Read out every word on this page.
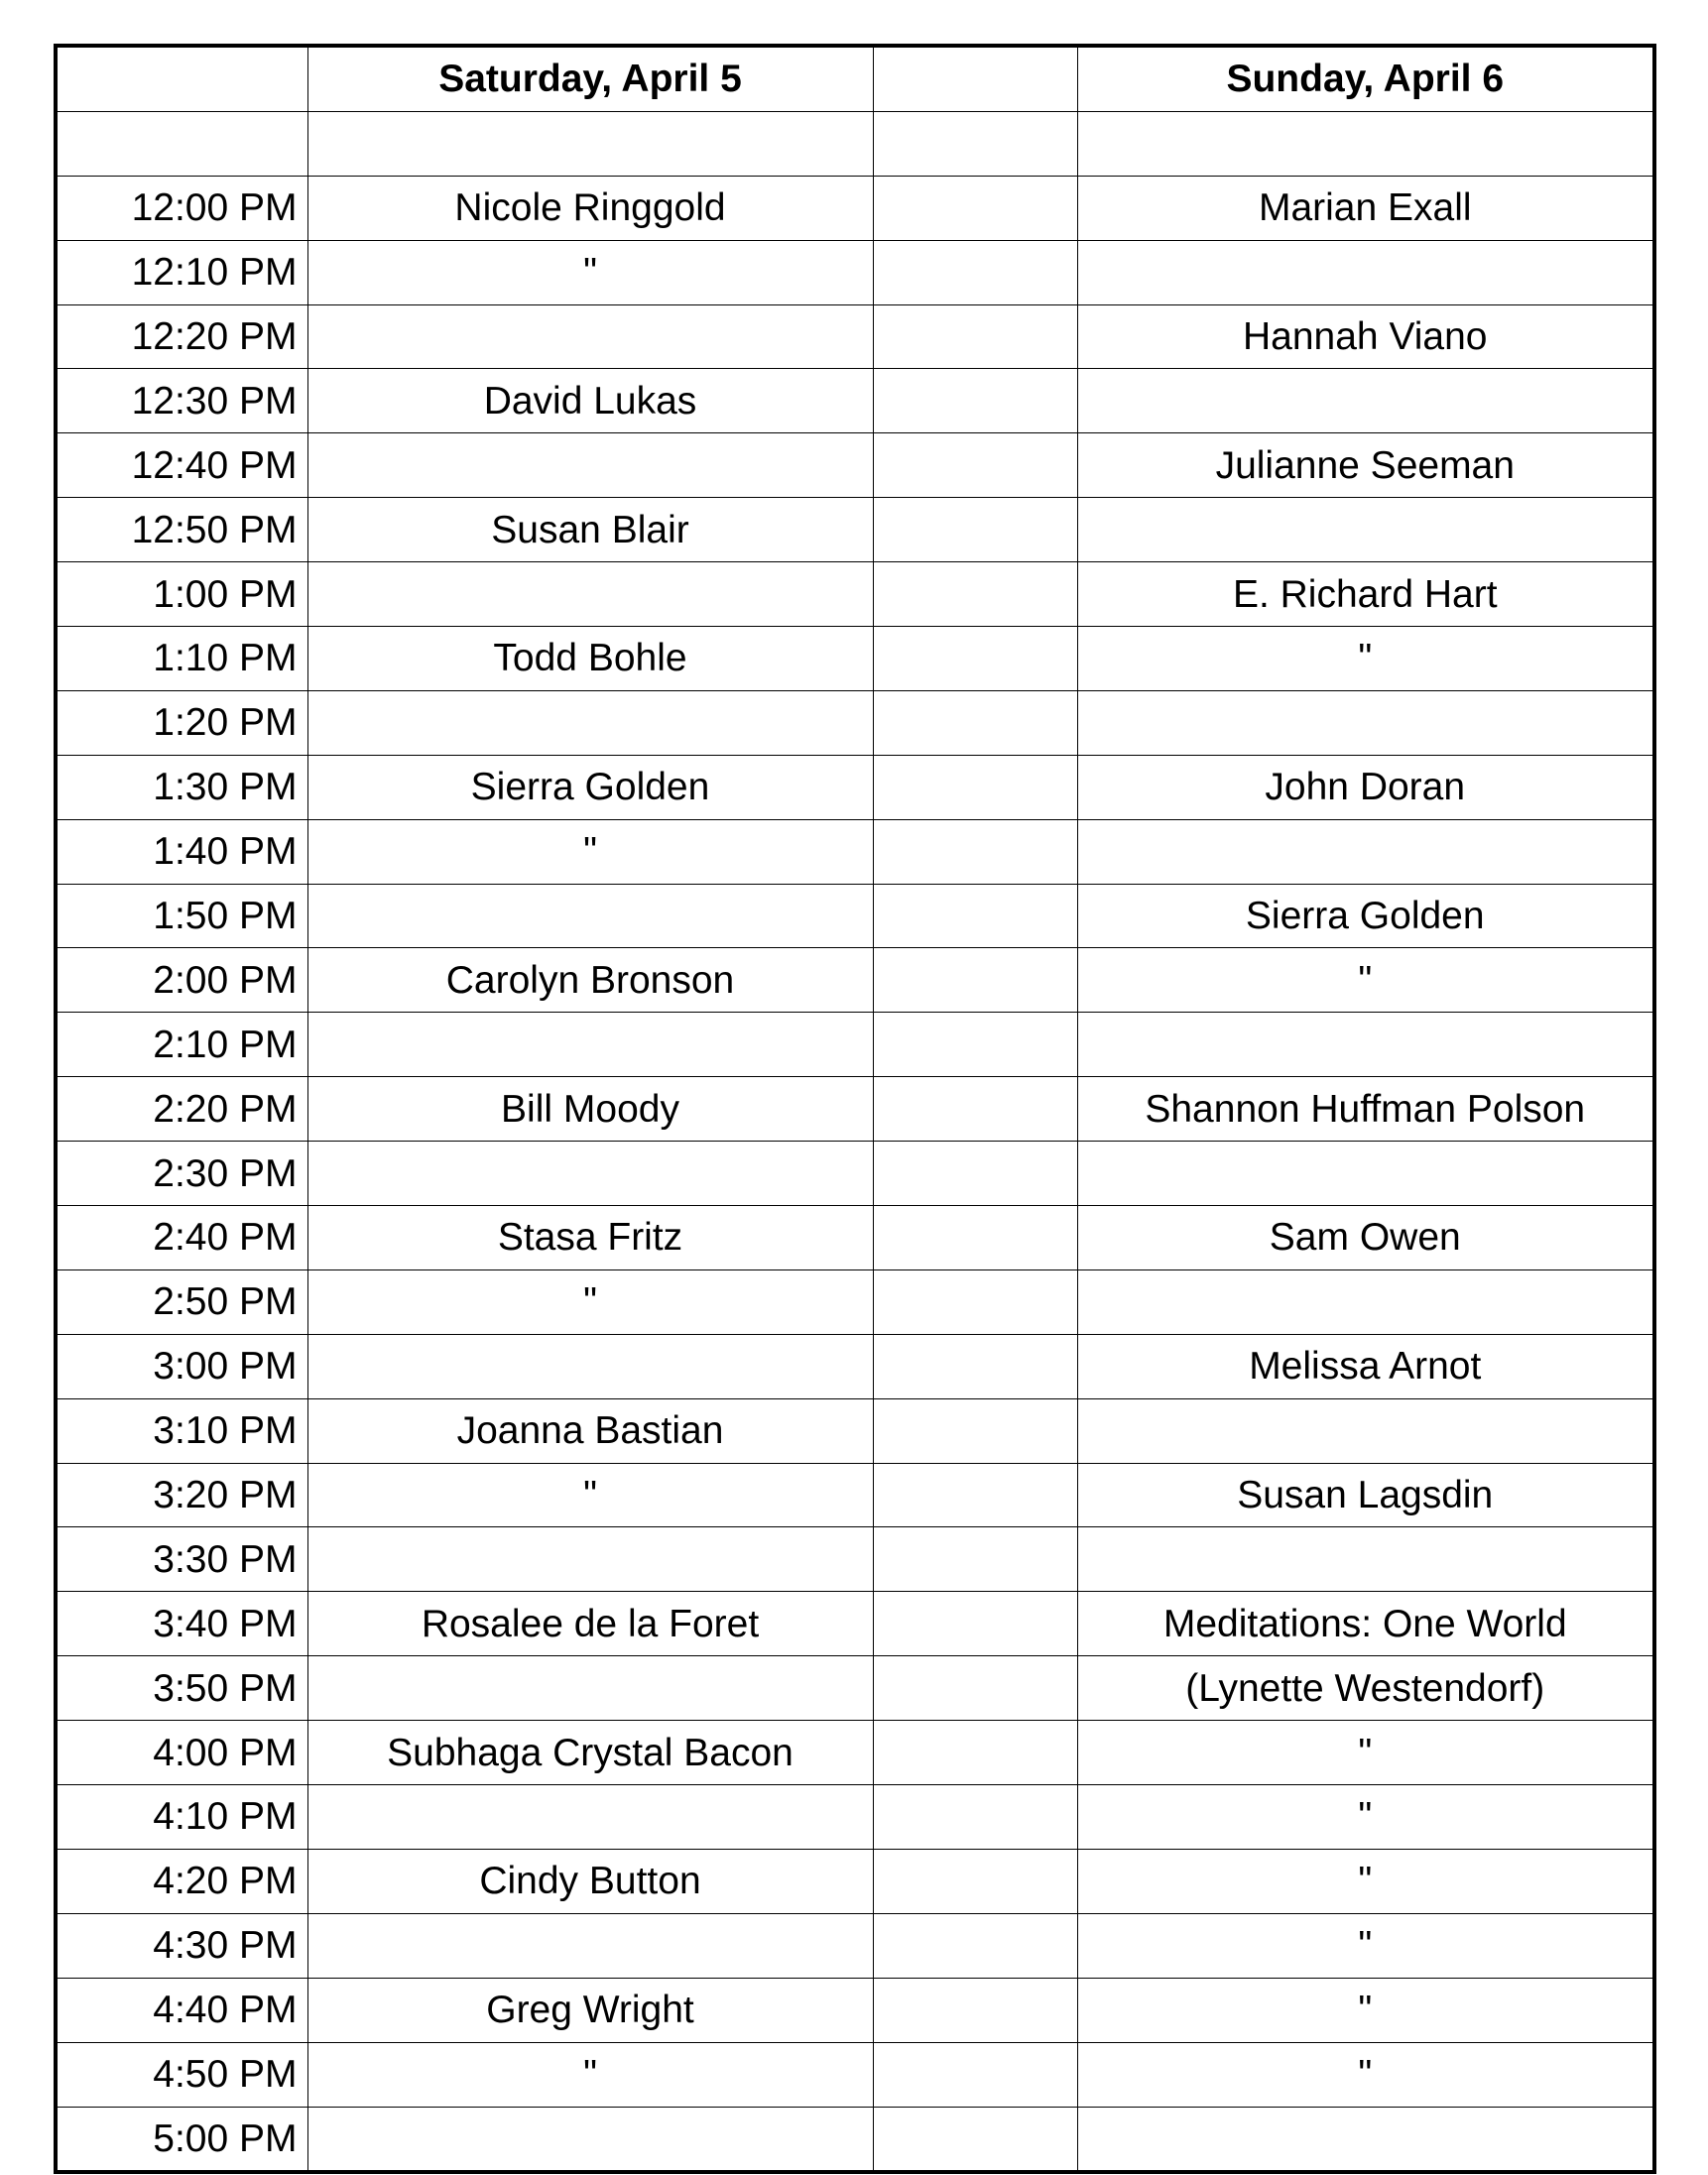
	Saturday, April 5		Sunday, April 6

12:00 PM	Nicole Ringgold		Marian Exall
12:10 PM	"		
12:20 PM			Hannah Viano
12:30 PM	David Lukas		
12:40 PM			Julianne Seeman
12:50 PM	Susan Blair		
1:00 PM			E. Richard Hart
1:10 PM	Todd Bohle		"
1:20 PM			
1:30 PM	Sierra Golden		John Doran
1:40 PM	"		
1:50 PM			Sierra Golden
2:00 PM	Carolyn Bronson		"
2:10 PM			
2:20 PM	Bill Moody		Shannon Huffman Polson
2:30 PM			
2:40 PM	Stasa Fritz		Sam Owen
2:50 PM	"		
3:00 PM			Melissa Arnot
3:10 PM	Joanna Bastian		
3:20 PM	"		Susan Lagsdin
3:30 PM			
3:40 PM	Rosalee de la Foret		Meditations: One World
3:50 PM			(Lynette Westendorf)
4:00 PM	Subhaga Crystal Bacon		"
4:10 PM			"
4:20 PM	Cindy Button		"
4:30 PM			"
4:40 PM	Greg Wright		"
4:50 PM	"		"
5:00 PM			
